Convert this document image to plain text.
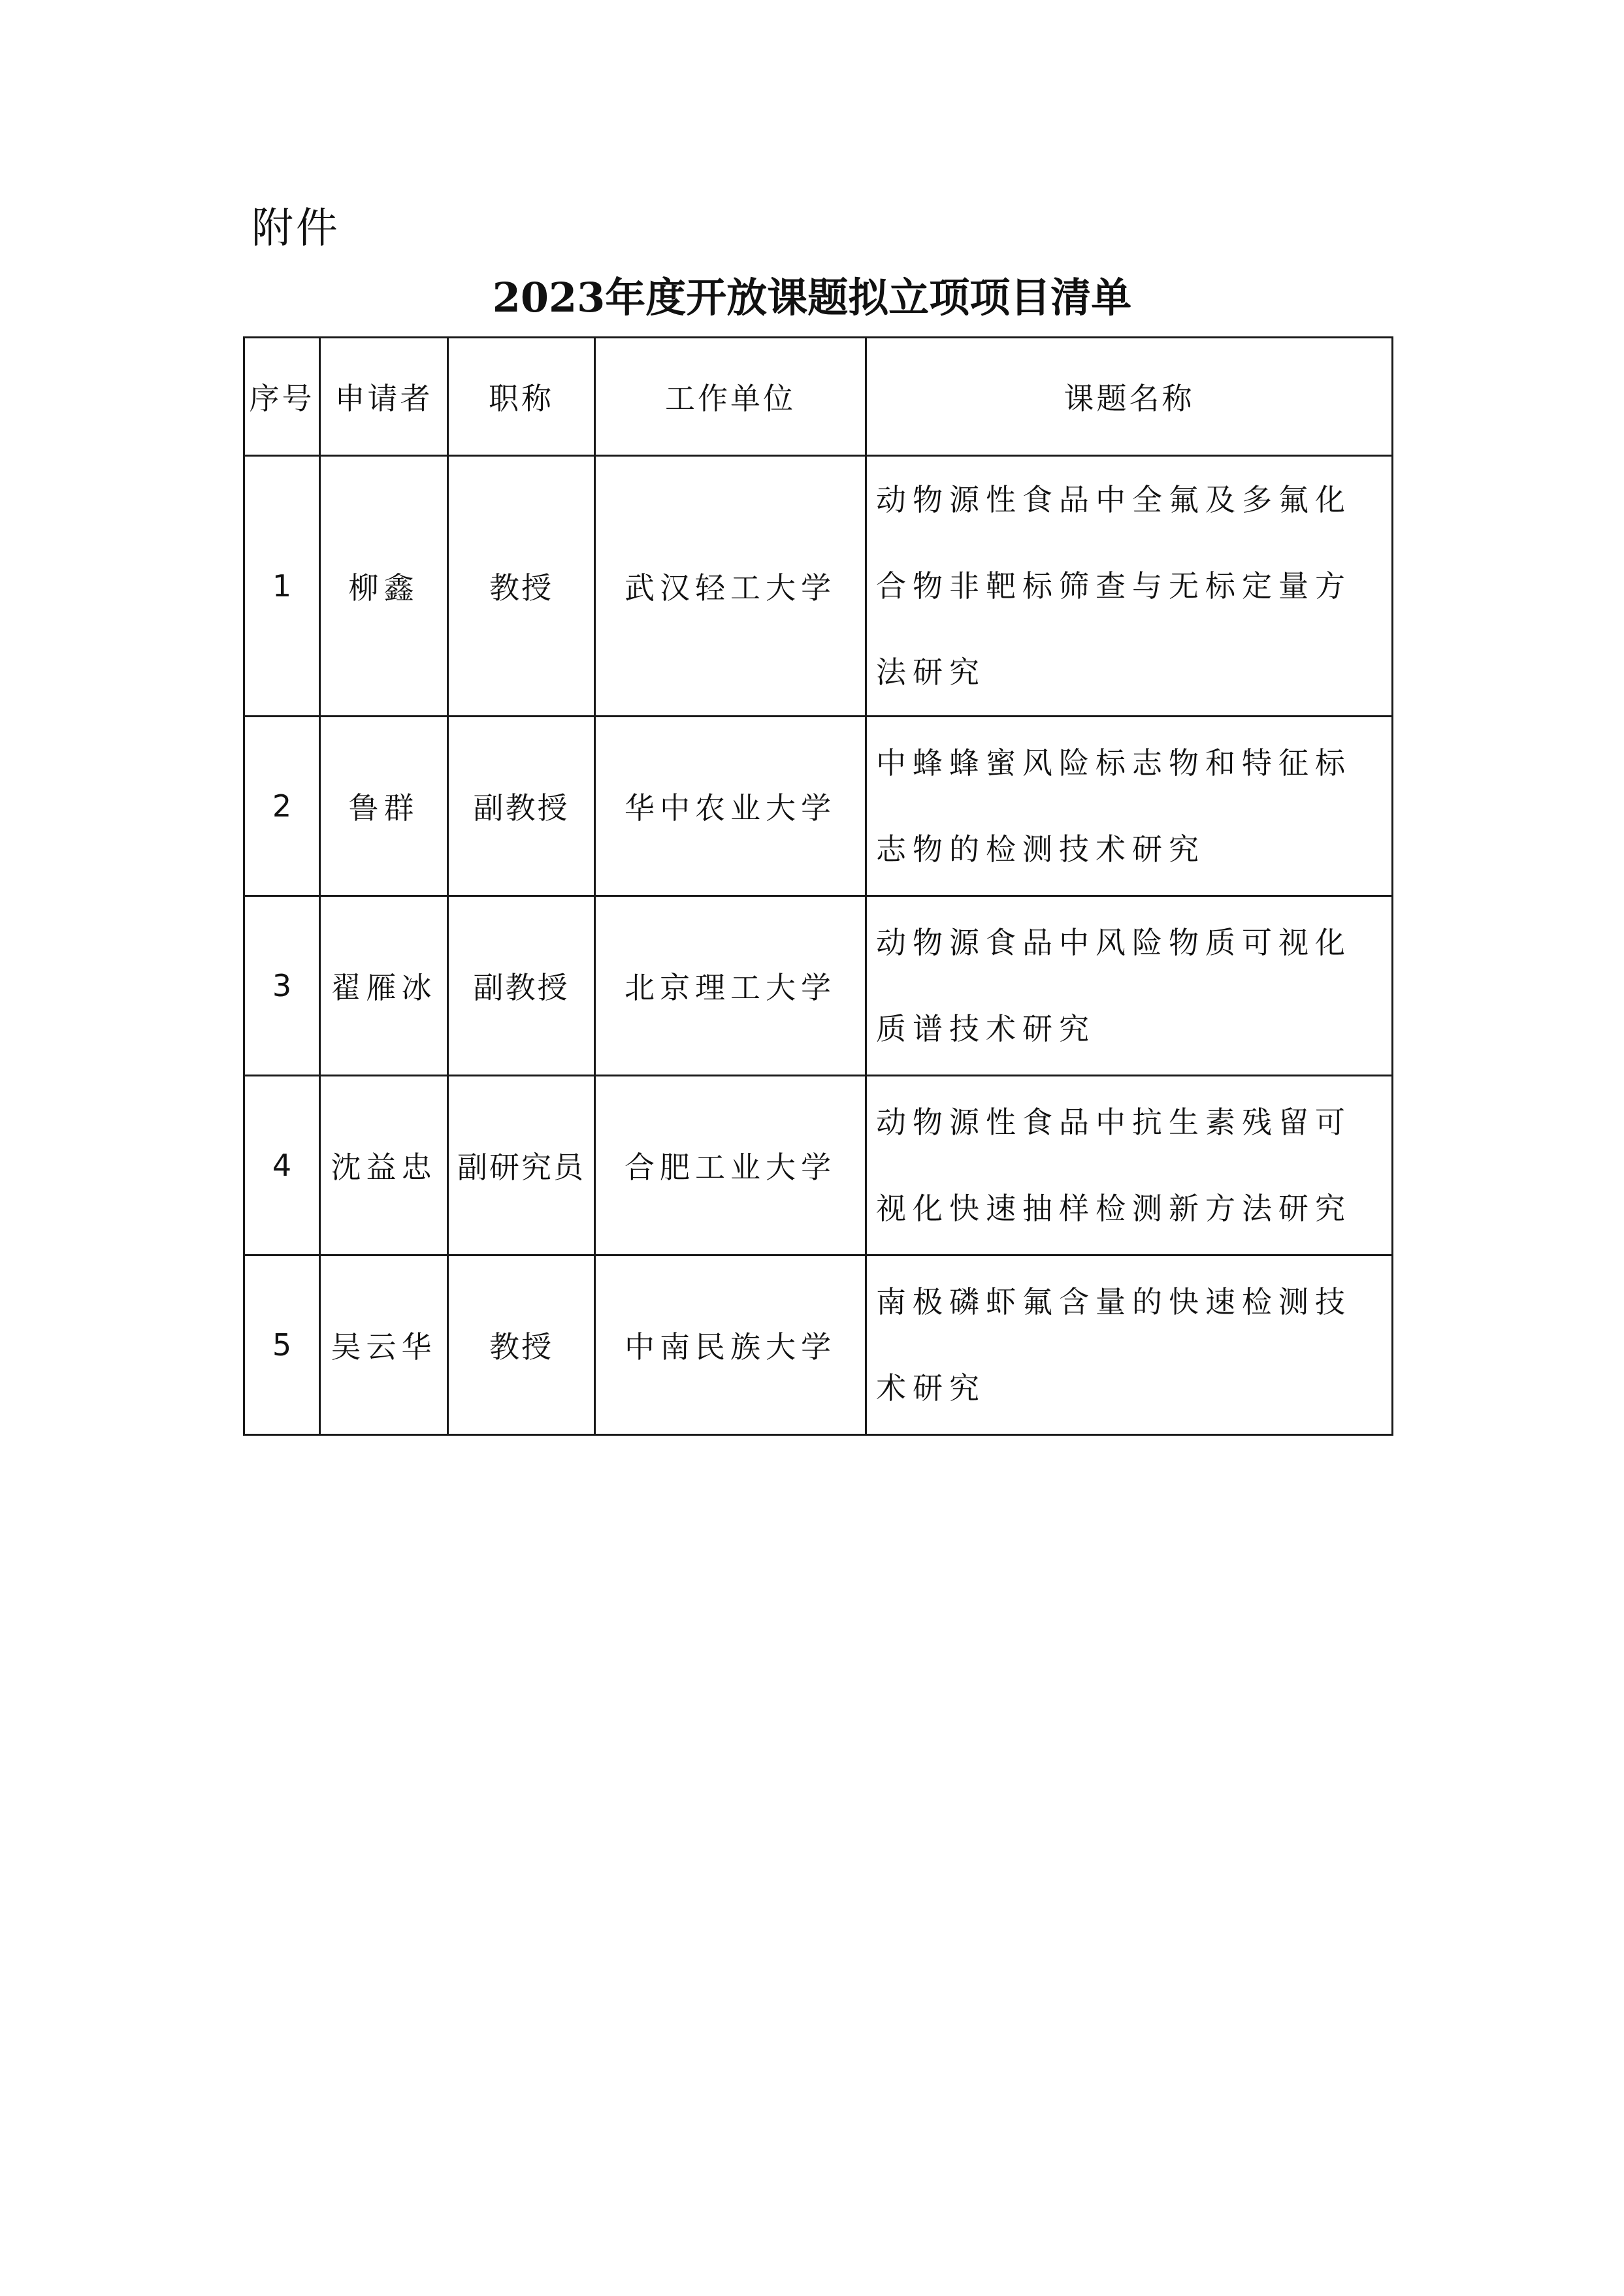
附件
2023年度开放课题拟立项项目清单
序号	申请者	职称	工作单位	课题名称
1	柳鑫	教授	武汉轻工大学	动物源性食品中全氟及多氟化合物非靶标筛查与无标定量方法研究
2	鲁群	副教授	华中农业大学	中蜂蜂蜜风险标志物和特征标志物的检测技术研究
3	翟雁冰	副教授	北京理工大学	动物源食品中风险物质可视化质谱技术研究
4	沈益忠	副研究员	合肥工业大学	动物源性食品中抗生素残留可视化快速抽样检测新方法研究
5	吴云华	教授	中南民族大学	南极磷虾氟含量的快速检测技术研究
